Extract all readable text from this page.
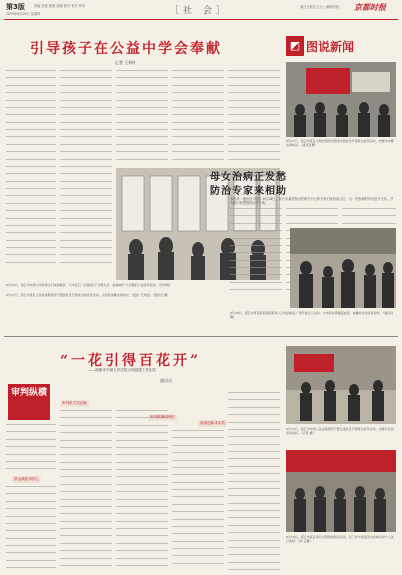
第3版	责编 张燕 版面 刘娜 校对 李杰 声明
2020年6月28日 星期四	［社 会］	商丘日报社主办 □新闻热线 京都时报
引导孩子在公益中学会奉献
记者 王春叶
6月28日，商丘市实验小学的师生们来到城区，与市民们一起参加以“文明生活、美丽城市”为主题的公益宣传活动。（资料图）
◩ 图说新闻
6月27日，商丘市某区文明办组织志愿者来到社区开展普法宣传活动，向群众讲解法律知识。（通讯员摄）
母女治病正发愁
防治专家来相助
本报讯（通讯员 申宣）6月24日，商丘市某医院治疗研究中心的专家们来到某社区，为一对患病的母女进行义诊，并为她们免费提供治疗方案。
6月27日，商丘市某区人民检察院组织干警到社区开展民法典宣传活动，为居民讲解法律知识，受到广泛欢迎。（通讯员 摄）
6月28日，商丘市某某医院组织医务人员来到城区广场开展义诊活动，为市民免费测量血压、血糖并发放宣传资料。（通讯员 摄）
“一花引得百花开”
——商鼎市中级人民法院文明创建工作纪实
通讯员
审判纵横
审判机关亮创新
审判纵横明理法
群众满意得民心
探索创新求实效
6月23日，商丘市中级人民法院组织干警走进社区开展普法宣传活动，向群众发放宣传资料。（记者 摄）
6月18日，商丘市某区举行文明创建表彰活动，对工作中表现突出的单位和个人进行表彰。（李 正摄）
